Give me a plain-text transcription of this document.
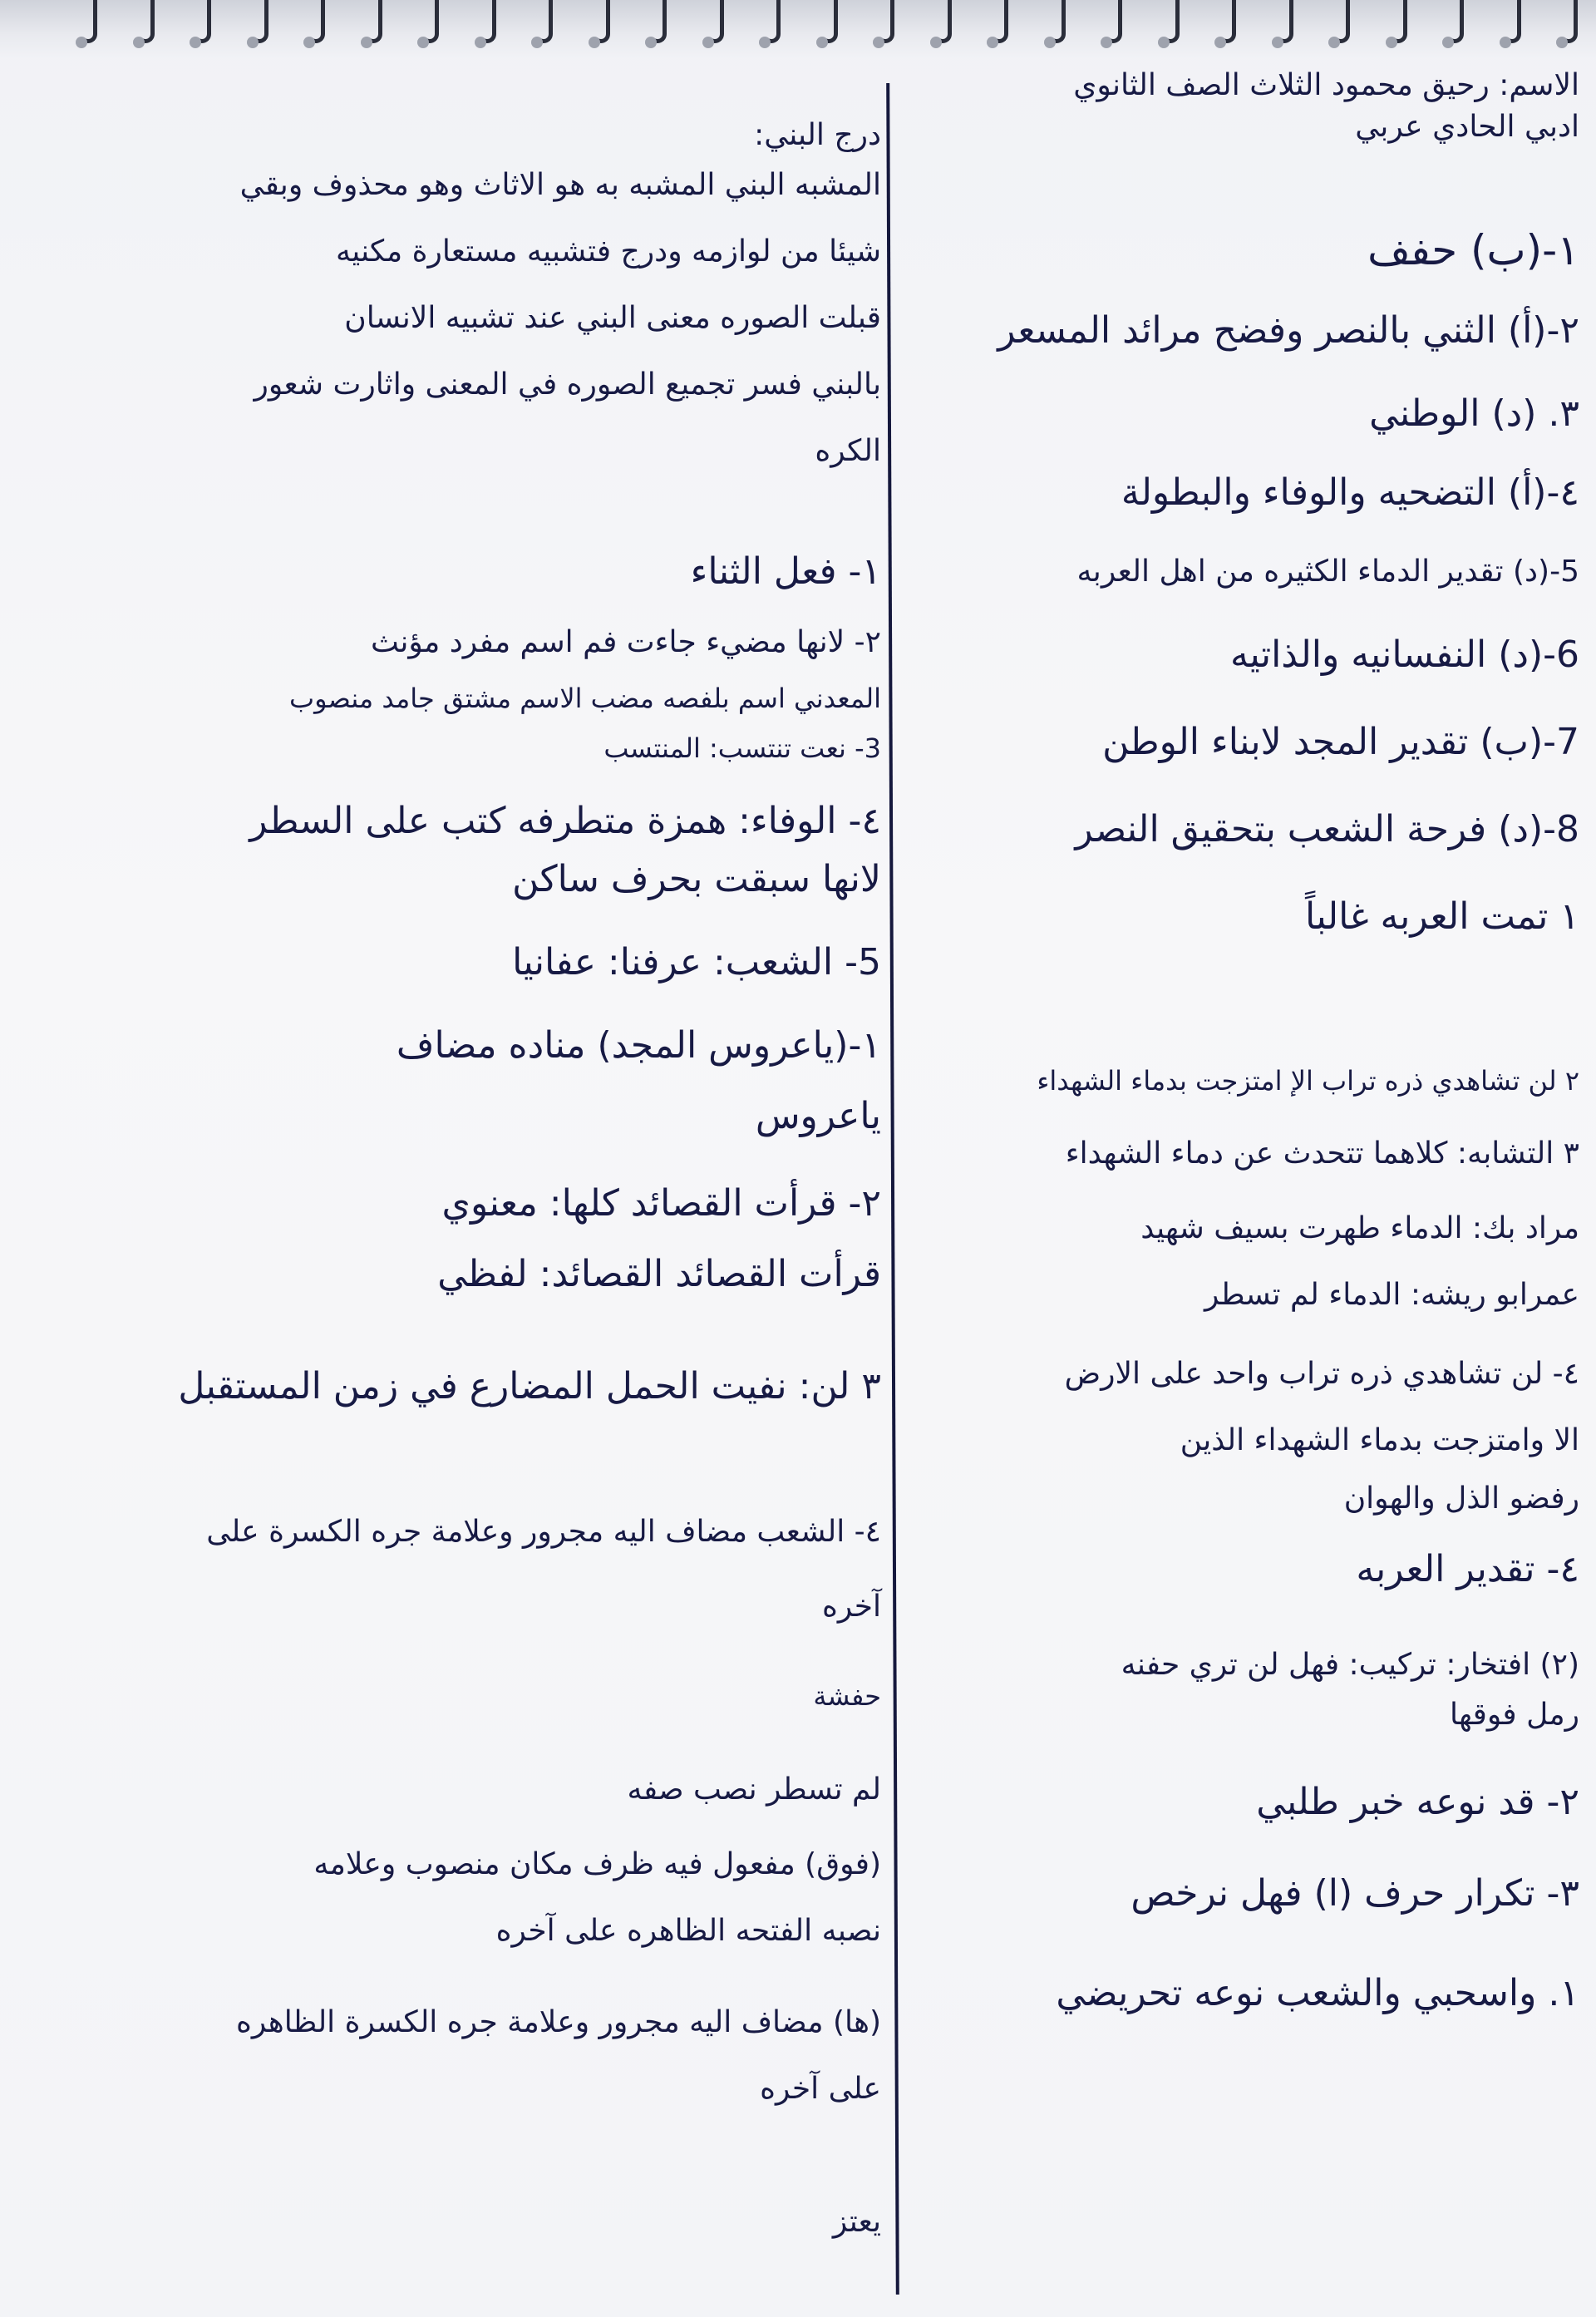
الاسم: رحيق محمود الثلاث الصف الثانوي
ادبي الحادي عربي
١-(ب) حفف
٢-(أ) الثني بالنصر وفضح مرائد المسعر
٣. (د) الوطني
٤-(أ) التضحيه والوفاء والبطولة
5-(د) تقدير الدماء الكثيره من اهل العربه
6-(د) النفسانيه والذاتيه
7-(ب) تقدير المجد لابناء الوطن
8-(د) فرحة الشعب بتحقيق النصر
١ تمت العربه غالباً
٢ لن تشاهدي ذره تراب الإ امتزجت بدماء الشهداء
٣ التشابه: كلاهما تتحدث عن دماء الشهداء
مراد بك: الدماء طهرت بسيف شهيد
عمرابو ريشه: الدماء لم تسطر
٤- لن تشاهدي ذره تراب واحد على الارض
الا وامتزجت بدماء الشهداء الذين
رفضو الذل والهوان
٤- تقدير العربه
(٢) افتخار: تركيب: فهل لن تري حفنه
رمل فوقها
٢- قد نوعه خبر طلبي
٣- تكرار حرف (ا) فهل نرخص
١. واسحبي والشعب نوعه تحريضي
درج البني:
المشبه البني المشبه به هو الاثاث وهو محذوف وبقي
شيئا من لوازمه ودرج فتشبيه مستعارة مكنيه
قبلت الصوره معنى البني عند تشبيه الانسان
بالبني فسر تجميع الصوره في المعنى واثارت شعور
الكره
١- فعل الثناء
٢- لانها مضيء جاءت فم اسم مفرد مؤنث
المعدني اسم بلفصه مضب الاسم مشتق جامد منصوب
3- نعت تنتسب: المنتسب
٤- الوفاء: همزة متطرفه كتب على السطر
لانها سبقت بحرف ساكن
5- الشعب: عرفنا: عفانيا
١-(ياعروس المجد) مناده مضاف
ياعروس
٢- قرأت القصائد كلها: معنوي
قرأت القصائد القصائد: لفظي
٣ لن: نفيت الحمل المضارع في زمن المستقبل
٤- الشعب مضاف اليه مجرور وعلامة جره الكسرة على
آخره
حفشة
لم تسطر نصب صفه
(فوق) مفعول فيه ظرف مكان منصوب وعلامه
نصبه الفتحه الظاهره على آخره
(ها) مضاف اليه مجرور وعلامة جره الكسرة الظاهره
على آخره
يعتز
